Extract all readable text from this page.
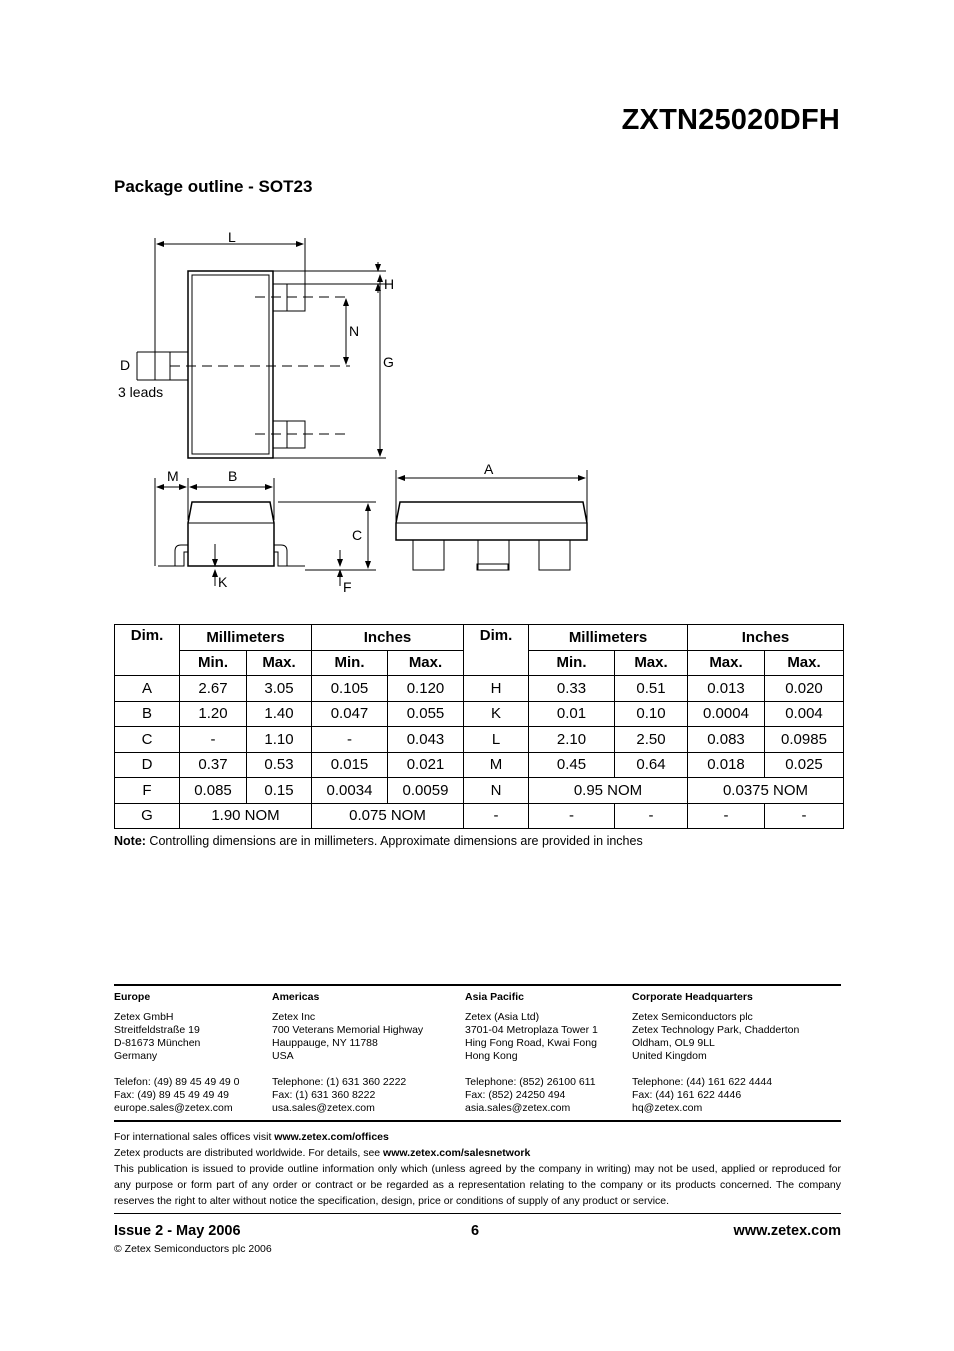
ZXTN25020DFH
Package outline - SOT23
L
H
N
G
D
3 leads
M	B	A
C
K	F
Dim.	Millimeters		Inches		Dim.	Millimeters		Inches	
	Min.	Max.	Min.	Max.		Min.	Max.	Max.	Max.
A	2.67	3.05	0.105	0.120	H	0.33	0.51	0.013	0.020
B	1.20	1.40	0.047	0.055	K	0.01	0.10	0.0004	0.004
C	-	1.10	-	0.043	L	2.10	2.50	0.083	0.0985
D	0.37	0.53	0.015	0.021	M	0.45	0.64	0.018	0.025
F	0.085	0.15	0.0034	0.0059	N	0.95 NOM		0.0375 NOM	
G	1.90 NOM		0.075 NOM		-	-	-	-	-
Note: Controlling dimensions are in millimeters. Approximate dimensions are provided in inches
Europe
Zetex GmbH
Streitfeldstraße 19
D-81673 München
Germany
Telefon: (49) 89 45 49 49 0
Fax: (49) 89 45 49 49 49
europe.sales@zetex.com
Americas
Zetex Inc
700 Veterans Memorial Highway
Hauppauge, NY 11788
USA
Telephone: (1) 631 360 2222
Fax: (1) 631 360 8222
usa.sales@zetex.com
Asia Pacific
Zetex (Asia Ltd)
3701-04 Metroplaza Tower 1
Hing Fong Road, Kwai Fong
Hong Kong
Telephone: (852) 26100 611
Fax: (852) 24250 494
asia.sales@zetex.com
Corporate Headquarters
Zetex Semiconductors plc
Zetex Technology Park, Chadderton
Oldham, OL9 9LL
United Kingdom
Telephone: (44) 161 622 4444
Fax: (44) 161 622 4446
hq@zetex.com
For international sales offices visit www.zetex.com/offices
Zetex products are distributed worldwide. For details, see www.zetex.com/salesnetwork
This publication is issued to provide outline information only which (unless agreed by the company in writing) may not be used, applied or reproduced for any purpose or form part of any order or contract or be regarded as a representation relating to the company or its products concerned. The company reserves the right to alter without notice the specification, design, price or conditions of supply of any product or service.
Issue 2 - May 2006
© Zetex Semiconductors plc 2006
6	www.zetex.com
